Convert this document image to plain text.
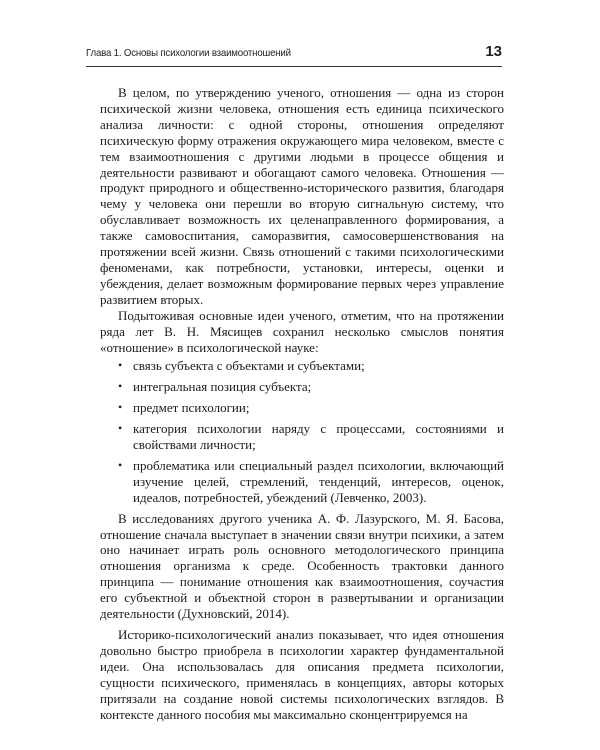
Глава 1. Основы психологии взаимоотношений	13

В целом, по утверждению ученого, отношения — одна из сторон психической жизни человека, отношения есть единица психического анализа личности: с одной стороны, отношения определяют психическую форму отражения окружающего мира человеком, вместе с тем взаимоотношения с другими людьми в процессе общения и деятельности развивают и обогащают самого человека. Отношения — продукт природного и общественно-исторического развития, благодаря чему у человека они перешли во вторую сигнальную систему, что обуславливает возможность их целенаправленного формирования, а также самовоспитания, саморазвития, самосовершенствования на протяжении всей жизни. Связь отношений с такими психологическими феноменами, как потребности, установки, интересы, оценки и убеждения, делает возможным формирование первых через управление развитием вторых.

Подытоживая основные идеи ученого, отметим, что на протяжении ряда лет В. Н. Мясищев сохранил несколько смыслов понятия «отношение» в психологической науке:

• связь субъекта с объектами и субъектами;
• интегральная позиция субъекта;
• предмет психологии;
• категория психологии наряду с процессами, состояниями и свойствами личности;
• проблематика или специальный раздел психологии, включающий изучение целей, стремлений, тенденций, интересов, оценок, идеалов, потребностей, убеждений (Левченко, 2003).

В исследованиях другого ученика А. Ф. Лазурского, М. Я. Басова, отношение сначала выступает в значении связи внутри психики, а затем оно начинает играть роль основного методологического принципа отношения организма к среде. Особенность трактовки данного принципа — понимание отношения как взаимоотношения, соучастия его субъектной и объектной сторон в развертывании и организации деятельности (Духновский, 2014).

Историко-психологический анализ показывает, что идея отношения довольно быстро приобрела в психологии характер фундаментальной идеи. Она использовалась для описания предмета психологии, сущности психического, применялась в концепциях, авторы которых притязали на создание новой системы психологических взглядов. В контексте данного пособия мы максимально сконцентрируемся на
